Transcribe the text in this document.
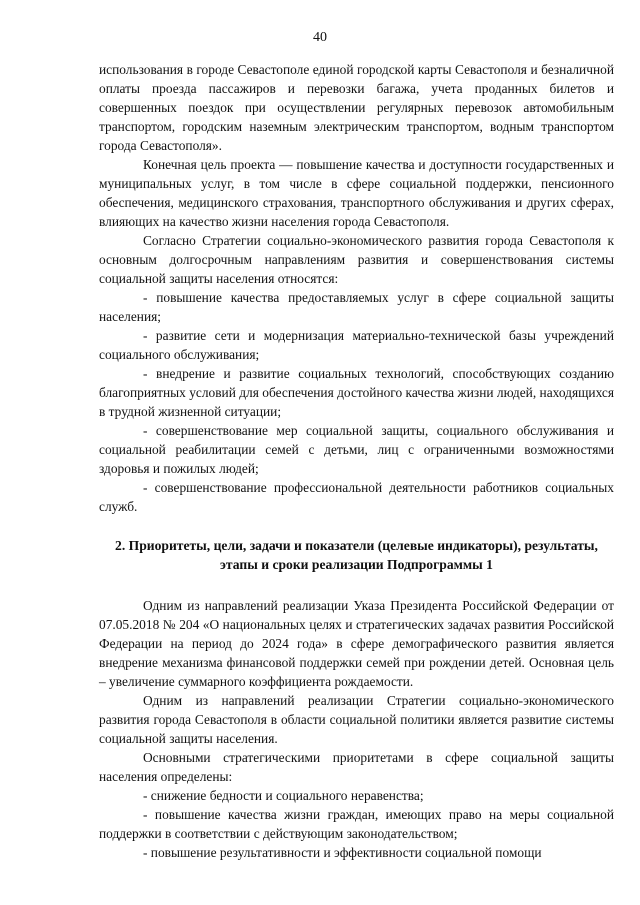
40

использования в городе Севастополе единой городской карты Севастополя и безналичной оплаты проезда пассажиров и перевозки багажа, учета проданных билетов и совершенных поездок при осуществлении регулярных перевозок автомобильным транспортом, городским наземным электрическим транспортом, водным транспортом города Севастополя».

Конечная цель проекта — повышение качества и доступности государственных и муниципальных услуг, в том числе в сфере социальной поддержки, пенсионного обеспечения, медицинского страхования, транспортного обслуживания и других сферах, влияющих на качество жизни населения города Севастополя.

Согласно Стратегии социально-экономического развития города Севастополя к основным долгосрочным направлениям развития и совершенствования системы социальной защиты населения относятся:

- повышение качества предоставляемых услуг в сфере социальной защиты населения;

- развитие сети и модернизация материально-технической базы учреждений социального обслуживания;

- внедрение и развитие социальных технологий, способствующих созданию благоприятных условий для обеспечения достойного качества жизни людей, находящихся в трудной жизненной ситуации;

- совершенствование мер социальной защиты, социального обслуживания и социальной реабилитации семей с детьми, лиц с ограниченными возможностями здоровья и пожилых людей;

- совершенствование профессиональной деятельности работников социальных служб.

2. Приоритеты, цели, задачи и показатели (целевые индикаторы), результаты, этапы и сроки реализации Подпрограммы 1

Одним из направлений реализации Указа Президента Российской Федерации от 07.05.2018 № 204 «О национальных целях и стратегических задачах развития Российской Федерации на период до 2024 года» в сфере демографического развития является внедрение механизма финансовой поддержки семей при рождении детей. Основная цель – увеличение суммарного коэффициента рождаемости.

Одним из направлений реализации Стратегии социально-экономического развития города Севастополя в области социальной политики является развитие системы социальной защиты населения.

Основными стратегическими приоритетами в сфере социальной защиты населения определены:

- снижение бедности и социального неравенства;

- повышение качества жизни граждан, имеющих право на меры социальной поддержки в соответствии с действующим законодательством;

- повышение результативности и эффективности социальной помощи
